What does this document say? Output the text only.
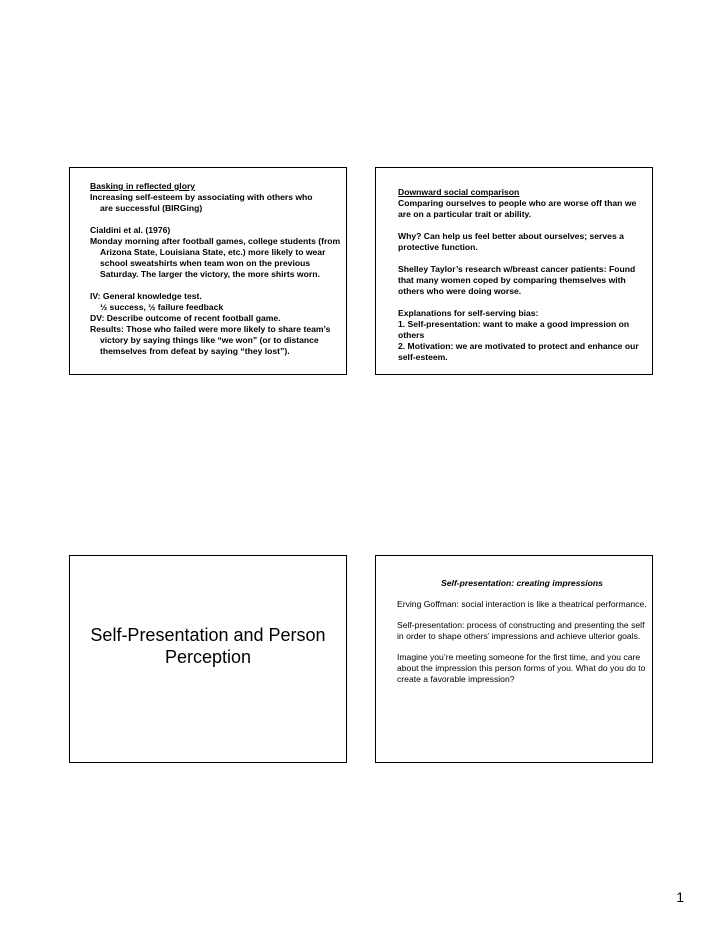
Basking in reflected glory
Increasing self-esteem by associating with others who
are successful (BIRGing)
Cialdini et al. (1976)
Monday morning after football games, college students (from Arizona State, Louisiana State, etc.) more likely to wear school sweatshirts when team won on the previous Saturday. The larger the victory, the more shirts worn.
IV: General knowledge test.
½ success, ½ failure feedback
DV: Describe outcome of recent football game.
Results: Those who failed were more likely to share team’s victory by saying things like “we won” (or to distance themselves from defeat by saying “they lost”).
Downward social comparison
Comparing ourselves to people who are worse off than we are on a particular trait or ability.
Why? Can help us feel better about ourselves; serves a protective function.
Shelley Taylor’s research w/breast cancer patients: Found that many women coped by comparing themselves with others who were doing worse.
Explanations for self-serving bias:
1. Self-presentation: want to make a good impression on others
2. Motivation: we are motivated to protect and enhance our self-esteem.
Self-Presentation and Person Perception
Self-presentation: creating impressions
Erving Goffman: social interaction is like a theatrical performance.
Self-presentation: process of constructing and presenting the self in order to shape others’ impressions and achieve ulterior goals.
Imagine you’re meeting someone for the first time, and you care about the impression this person forms of you. What do you do to create a favorable impression?
1
